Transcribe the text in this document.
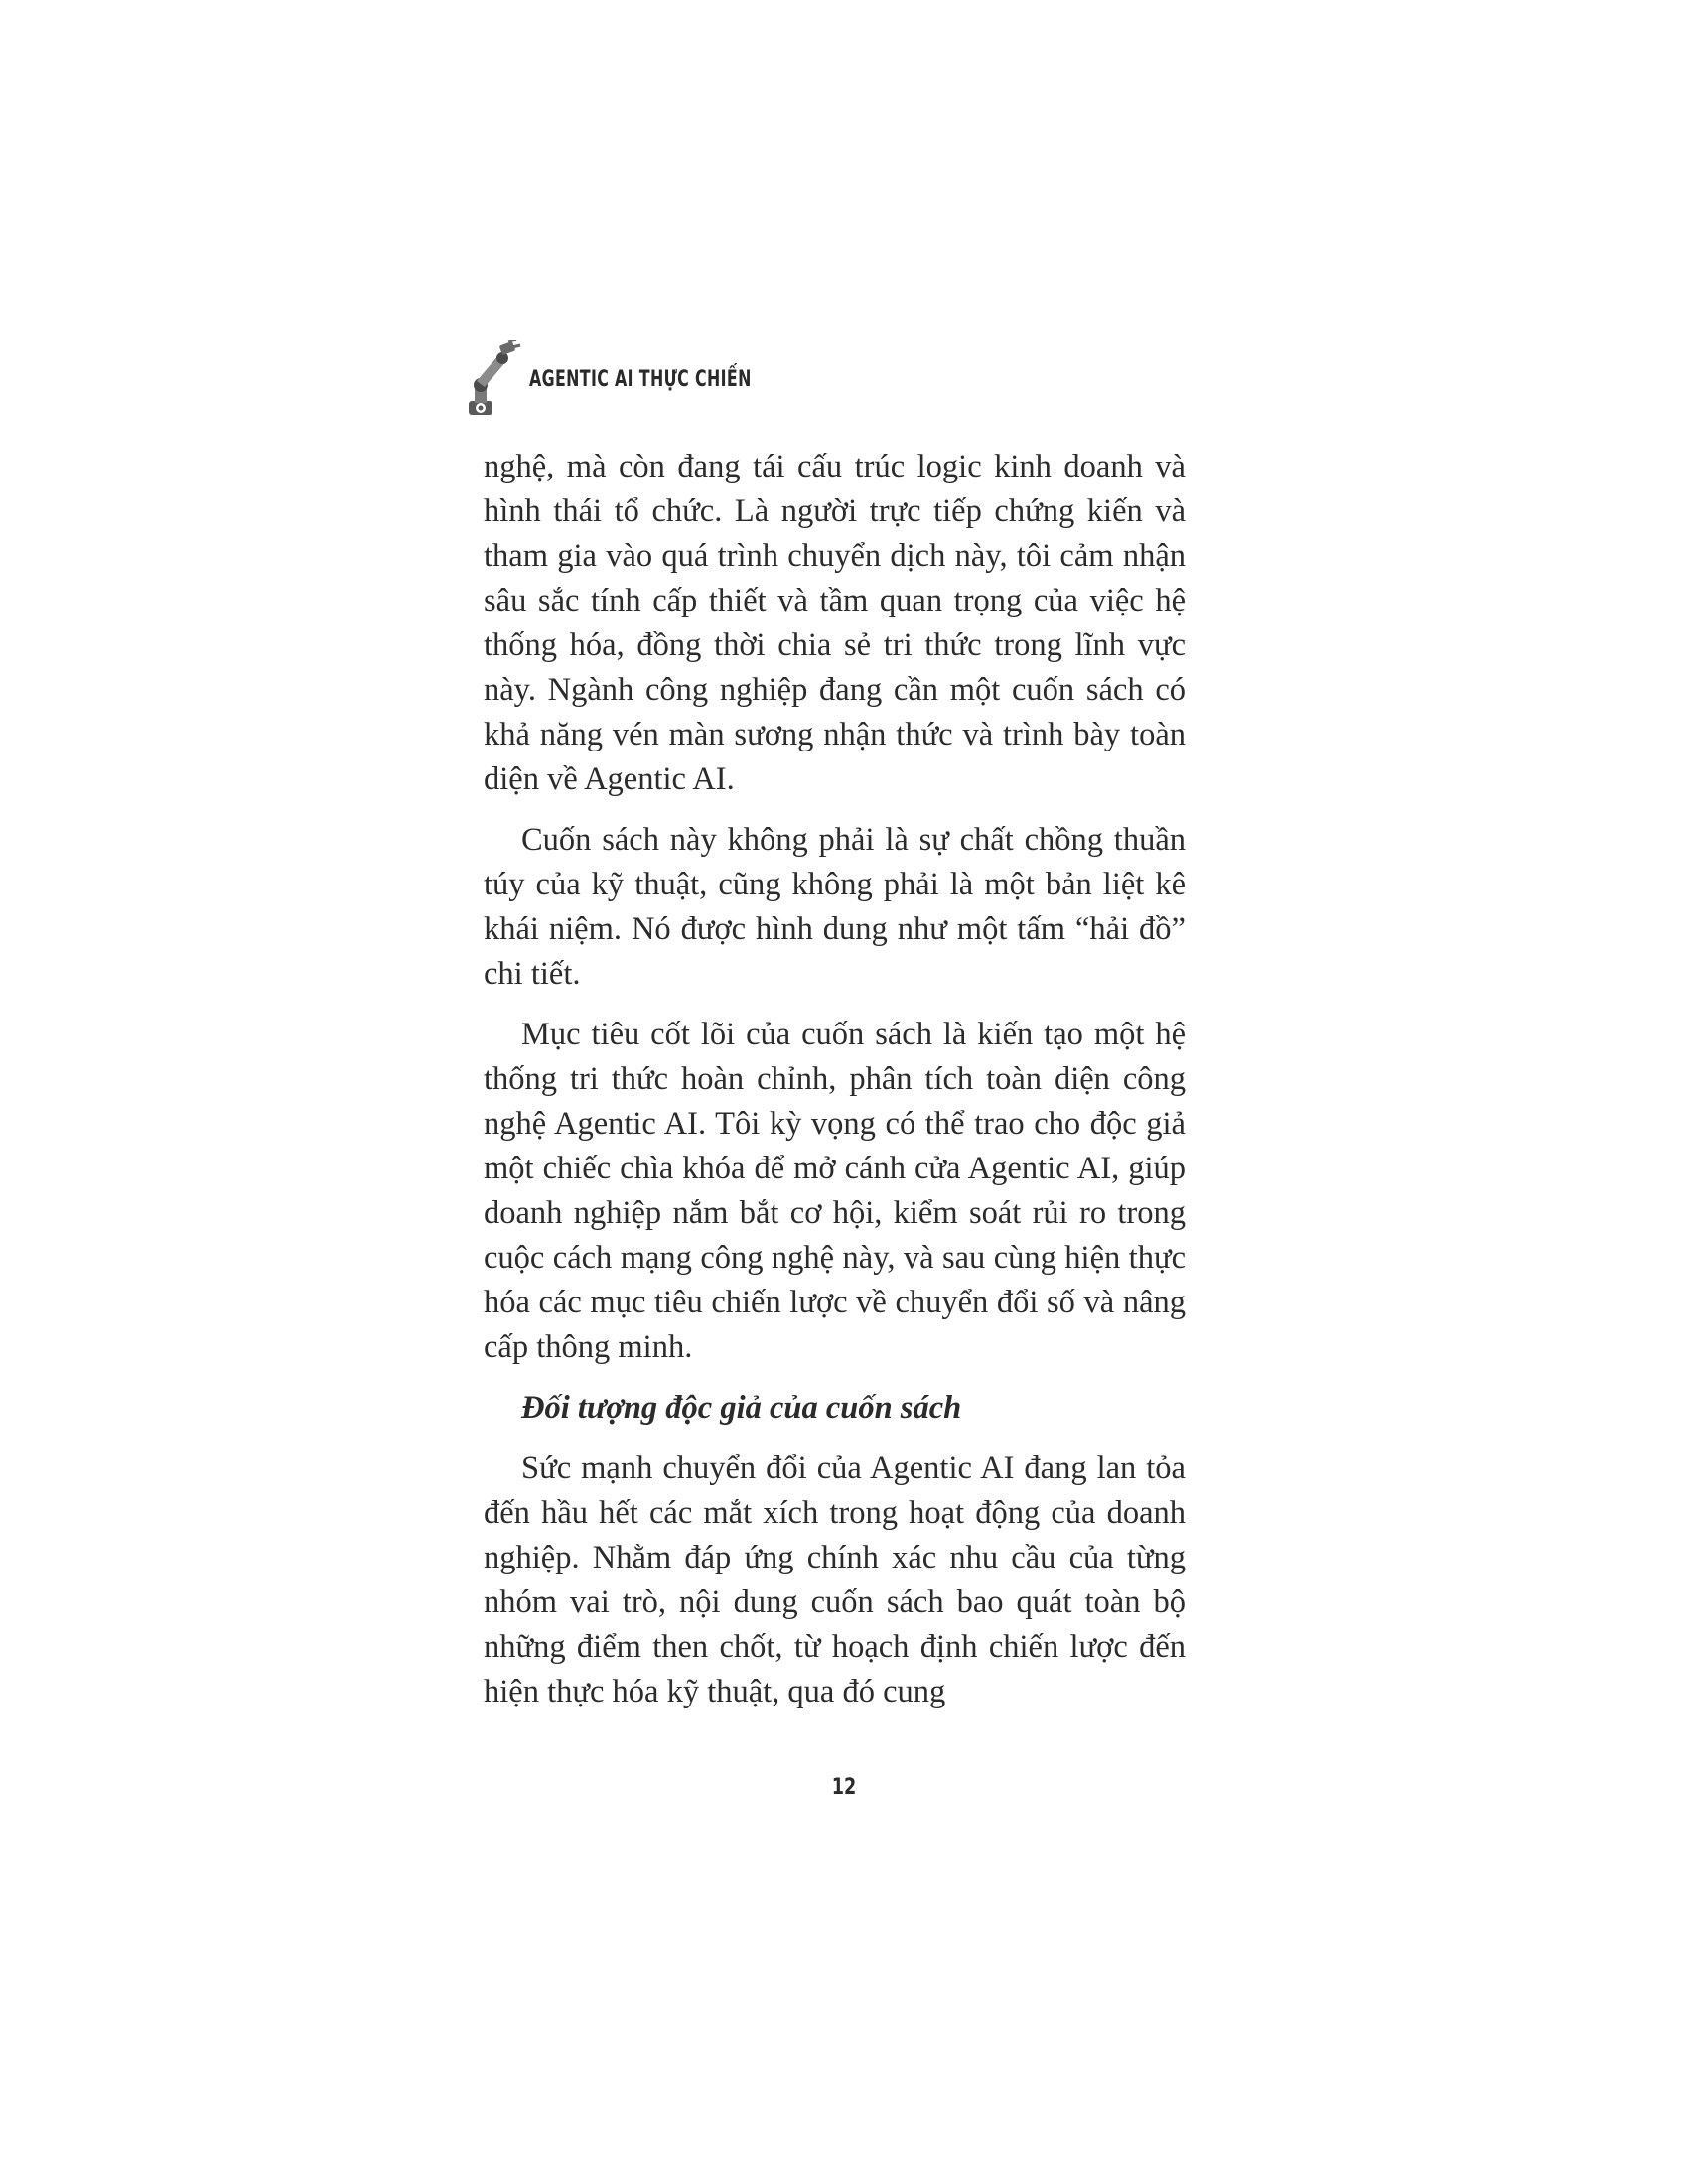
AGENTIC AI THỰC CHIẾN

nghệ, mà còn đang tái cấu trúc logic kinh doanh và hình thái tổ chức. Là người trực tiếp chứng kiến và tham gia vào quá trình chuyển dịch này, tôi cảm nhận sâu sắc tính cấp thiết và tầm quan trọng của việc hệ thống hóa, đồng thời chia sẻ tri thức trong lĩnh vực này. Ngành công nghiệp đang cần một cuốn sách có khả năng vén màn sương nhận thức và trình bày toàn diện về Agentic AI.

Cuốn sách này không phải là sự chất chồng thuần túy của kỹ thuật, cũng không phải là một bản liệt kê khái niệm. Nó được hình dung như một tấm “hải đồ” chi tiết.

Mục tiêu cốt lõi của cuốn sách là kiến tạo một hệ thống tri thức hoàn chỉnh, phân tích toàn diện công nghệ Agentic AI. Tôi kỳ vọng có thể trao cho độc giả một chiếc chìa khóa để mở cánh cửa Agentic AI, giúp doanh nghiệp nắm bắt cơ hội, kiểm soát rủi ro trong cuộc cách mạng công nghệ này, và sau cùng hiện thực hóa các mục tiêu chiến lược về chuyển đổi số và nâng cấp thông minh.

Đối tượng độc giả của cuốn sách

Sức mạnh chuyển đổi của Agentic AI đang lan tỏa đến hầu hết các mắt xích trong hoạt động của doanh nghiệp. Nhằm đáp ứng chính xác nhu cầu của từng nhóm vai trò, nội dung cuốn sách bao quát toàn bộ những điểm then chốt, từ hoạch định chiến lược đến hiện thực hóa kỹ thuật, qua đó cung

12
